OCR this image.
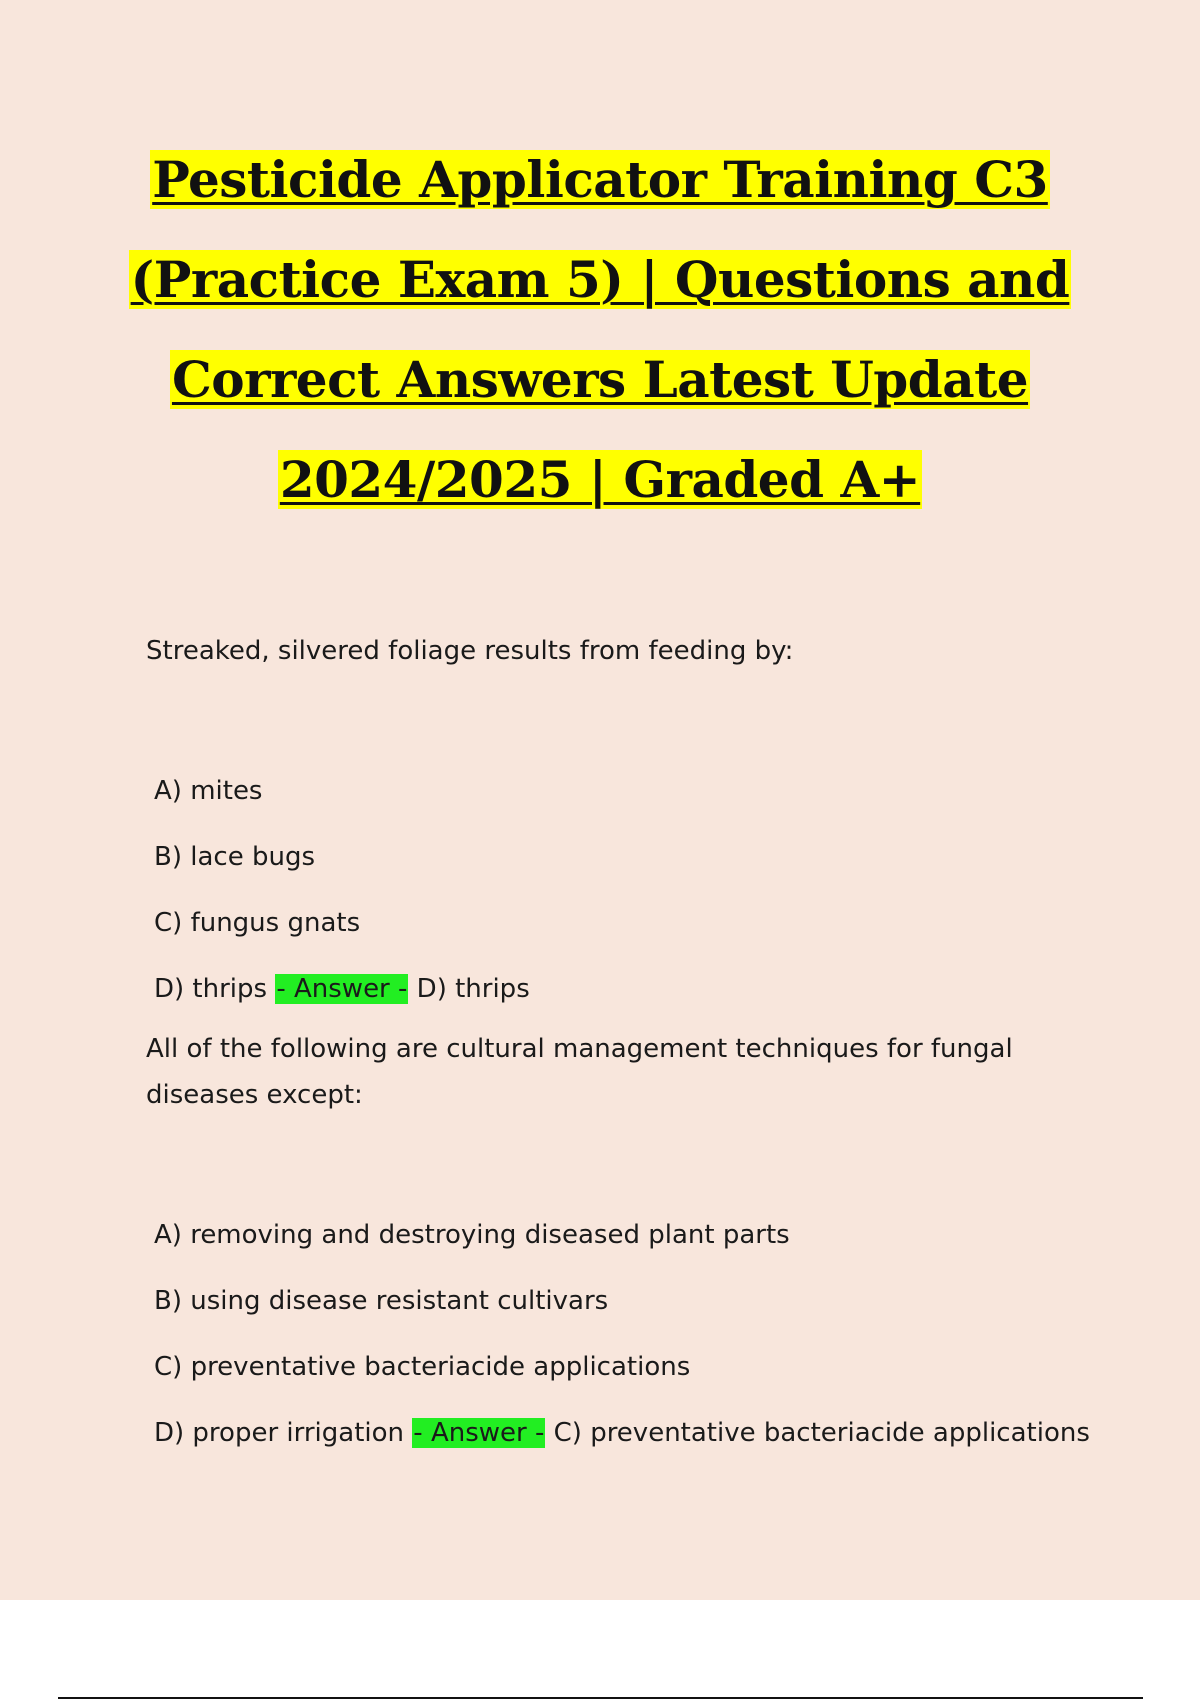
Pesticide Applicator Training C3
(Practice Exam 5) | Questions and
Correct Answers Latest Update
2024/2025 | Graded A+

Streaked, silvered foliage results from feeding by:

A) mites
B) lace bugs
C) fungus gnats
D) thrips - Answer - D) thrips

All of the following are cultural management techniques for fungal diseases except:

A) removing and destroying diseased plant parts
B) using disease resistant cultivars
C) preventative bacteriacide applications
D) proper irrigation - Answer - C) preventative bacteriacide applications
